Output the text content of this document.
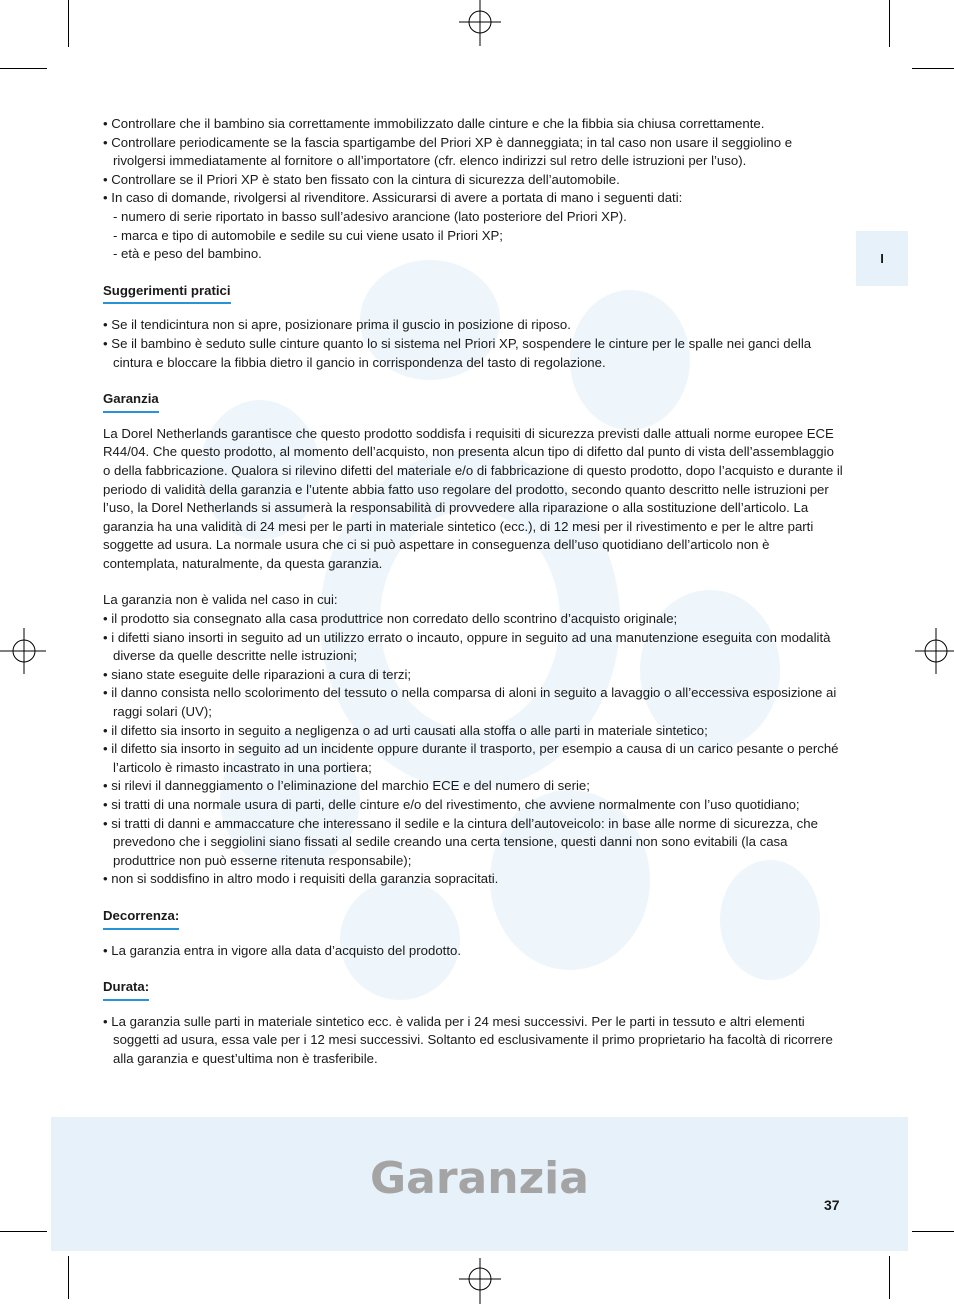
I

• Controllare che il bambino sia correttamente immobilizzato dalle cinture e che la fibbia sia chiusa correttamente.

• Controllare periodicamente se la fascia spartigambe del Priori XP è danneggiata; in tal caso non usare il seggiolino e rivolgersi immediatamente al fornitore o all’importatore (cfr. elenco indirizzi sul retro delle istruzioni per l’uso).

• Controllare se il Priori XP è stato ben fissato con la cintura di sicurezza dell’automobile.

• In caso di domande, rivolgersi al rivenditore. Assicurarsi di avere a portata di mano i seguenti dati:

- numero di serie riportato in basso sull’adesivo arancione (lato posteriore del Priori XP).

- marca e tipo di automobile e sedile su cui viene usato il Priori XP;

- età e peso del bambino.

Suggerimenti pratici

• Se il tendicintura non si apre, posizionare prima il guscio in posizione di riposo.

• Se il bambino è seduto sulle cinture quanto lo si sistema nel Priori XP, sospendere le cinture per le spalle nei ganci della cintura e bloccare la fibbia dietro il gancio in corrispondenza del tasto di regolazione.

Garanzia

La Dorel Netherlands garantisce che questo prodotto soddisfa i requisiti di sicurezza previsti dalle attuali norme europee ECE R44/04. Che questo prodotto, al momento dell’acquisto, non presenta alcun tipo di difetto dal punto di vista dell’assemblaggio o della fabbricazione. Qualora si rilevino difetti del materiale e/o di fabbricazione di questo prodotto, dopo l’acquisto e durante il periodo di validità della garanzia e l’utente abbia fatto uso regolare del prodotto, secondo quanto descritto nelle istruzioni per l’uso, la Dorel Netherlands si assumerà la responsabilità di provvedere alla riparazione o alla sostituzione dell’articolo. La garanzia ha una validità di 24 mesi per le parti in materiale sintetico (ecc.), di 12 mesi per il rivestimento e per le altre parti soggette ad usura. La normale usura che ci si può aspettare in conseguenza dell’uso quotidiano dell’articolo non è contemplata, naturalmente, da questa garanzia.

La garanzia non è valida nel caso in cui:

• il prodotto sia consegnato alla casa produttrice non corredato dello scontrino d’acquisto originale;

• i difetti siano insorti in seguito ad un utilizzo errato o incauto, oppure in seguito ad una manutenzione eseguita con modalità diverse da quelle descritte nelle istruzioni;

• siano state eseguite delle riparazioni a cura di terzi;

• il danno consista nello scolorimento del tessuto o nella comparsa di aloni in seguito a lavaggio o all’eccessiva esposizione ai raggi solari (UV);

• il difetto sia insorto in seguito a negligenza o ad urti causati alla stoffa o alle parti in materiale sintetico;

• il difetto sia insorto in seguito ad un incidente oppure durante il trasporto, per esempio a causa di un carico pesante o perché l’articolo è rimasto incastrato in una portiera;

• si rilevi il danneggiamento o l’eliminazione del marchio ECE e del numero di serie;

• si tratti di una normale usura di parti, delle cinture e/o del rivestimento, che avviene normalmente con l’uso quotidiano;

• si tratti di danni e ammaccature che interessano il sedile e la cintura dell’autoveicolo: in base alle norme di sicurezza, che prevedono che i seggiolini siano fissati al sedile creando una certa tensione, questi danni non sono evitabili (la casa produttrice non può esserne ritenuta responsabile);

• non si soddisfino in altro modo i requisiti della garanzia sopracitati.

Decorrenza:

• La garanzia entra in vigore alla data d’acquisto del prodotto.

Durata:

• La garanzia sulle parti in materiale sintetico ecc. è valida per i 24 mesi successivi. Per le parti in tessuto e altri elementi soggetti ad usura, essa vale per i 12 mesi successivi. Soltanto ed esclusivamente il primo proprietario ha facoltà di ricorrere alla garanzia e quest’ultima non è trasferibile.

Garanzia
37
